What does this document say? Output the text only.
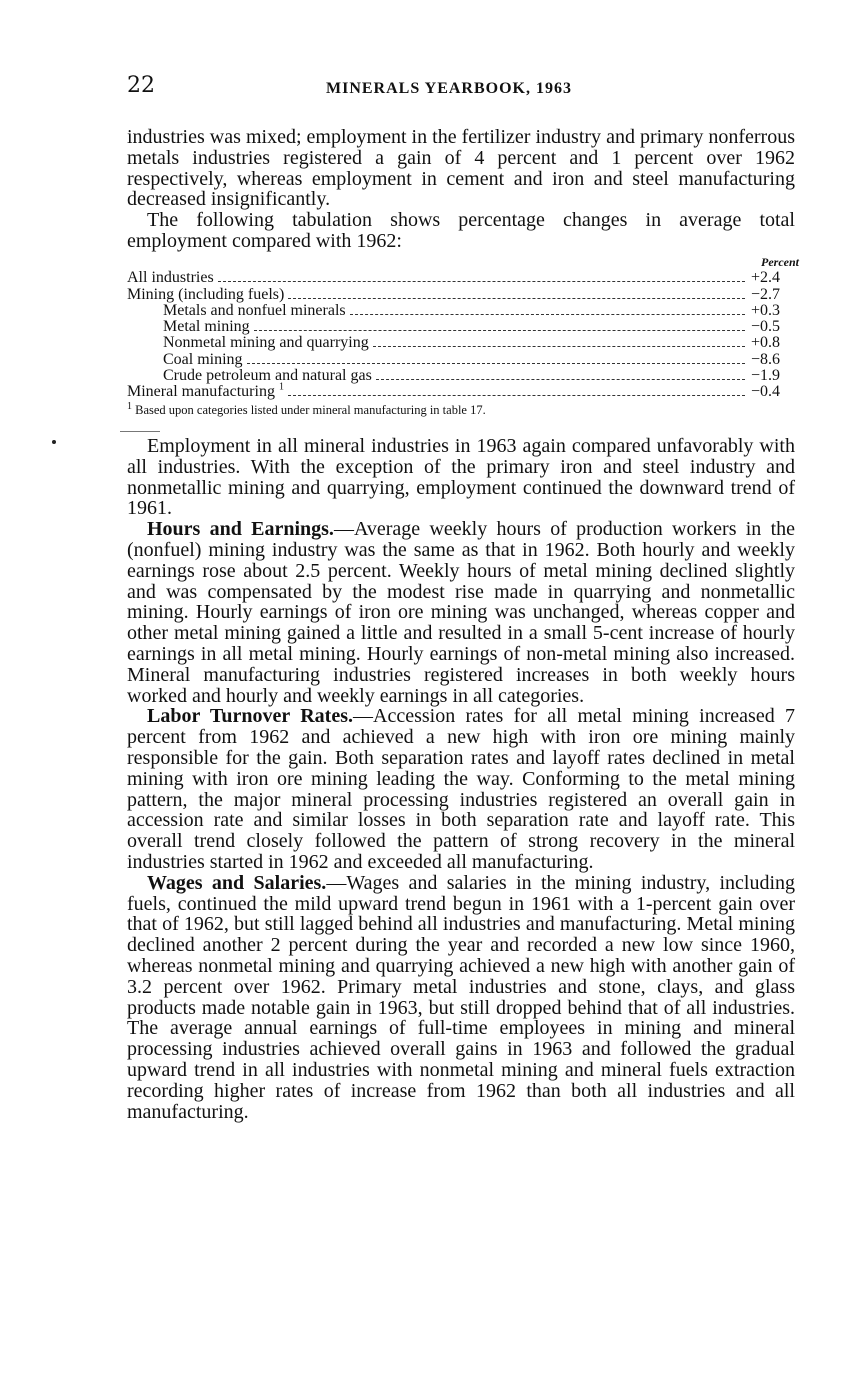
22	MINERALS YEARBOOK, 1963

industries was mixed; employment in the fertilizer industry and primary nonferrous metals industries registered a gain of 4 percent and 1 percent over 1962 respectively, whereas employment in cement and iron and steel manufacturing decreased insignificantly.

The following tabulation shows percentage changes in average total employment compared with 1962:

Percent
All industries	+2.4
Mining (including fuels)	−2.7
Metals and nonfuel minerals	+0.3
Metal mining	−0.5
Nonmetal mining and quarrying	+0.8
Coal mining	−8.6
Crude petroleum and natural gas	−1.9
Mineral manufacturing $^1$	−0.4
$^1$ Based upon categories listed under mineral manufacturing in table 17.

Employment in all mineral industries in 1963 again compared unfavorably with all industries. With the exception of the primary iron and steel industry and nonmetallic mining and quarrying, employment continued the downward trend of 1961.

Hours and Earnings.—Average weekly hours of production workers in the (nonfuel) mining industry was the same as that in 1962. Both hourly and weekly earnings rose about 2.5 percent. Weekly hours of metal mining declined slightly and was compensated by the modest rise made in quarrying and nonmetallic mining. Hourly earnings of iron ore mining was unchanged, whereas copper and other metal mining gained a little and resulted in a small 5-cent increase of hourly earnings in all metal mining. Hourly earnings of non-metal mining also increased. Mineral manufacturing industries registered increases in both weekly hours worked and hourly and weekly earnings in all categories.

Labor Turnover Rates.—Accession rates for all metal mining increased 7 percent from 1962 and achieved a new high with iron ore mining mainly responsible for the gain. Both separation rates and layoff rates declined in metal mining with iron ore mining leading the way. Conforming to the metal mining pattern, the major mineral processing industries registered an overall gain in accession rate and similar losses in both separation rate and layoff rate. This overall trend closely followed the pattern of strong recovery in the mineral industries started in 1962 and exceeded all manufacturing.

Wages and Salaries.—Wages and salaries in the mining industry, including fuels, continued the mild upward trend begun in 1961 with a 1-percent gain over that of 1962, but still lagged behind all industries and manufacturing. Metal mining declined another 2 percent during the year and recorded a new low since 1960, whereas nonmetal mining and quarrying achieved a new high with another gain of 3.2 percent over 1962. Primary metal industries and stone, clays, and glass products made notable gain in 1963, but still dropped behind that of all industries. The average annual earnings of full-time employees in mining and mineral processing industries achieved overall gains in 1963 and followed the gradual upward trend in all industries with nonmetal mining and mineral fuels extraction recording higher rates of increase from 1962 than both all industries and all manufacturing.
